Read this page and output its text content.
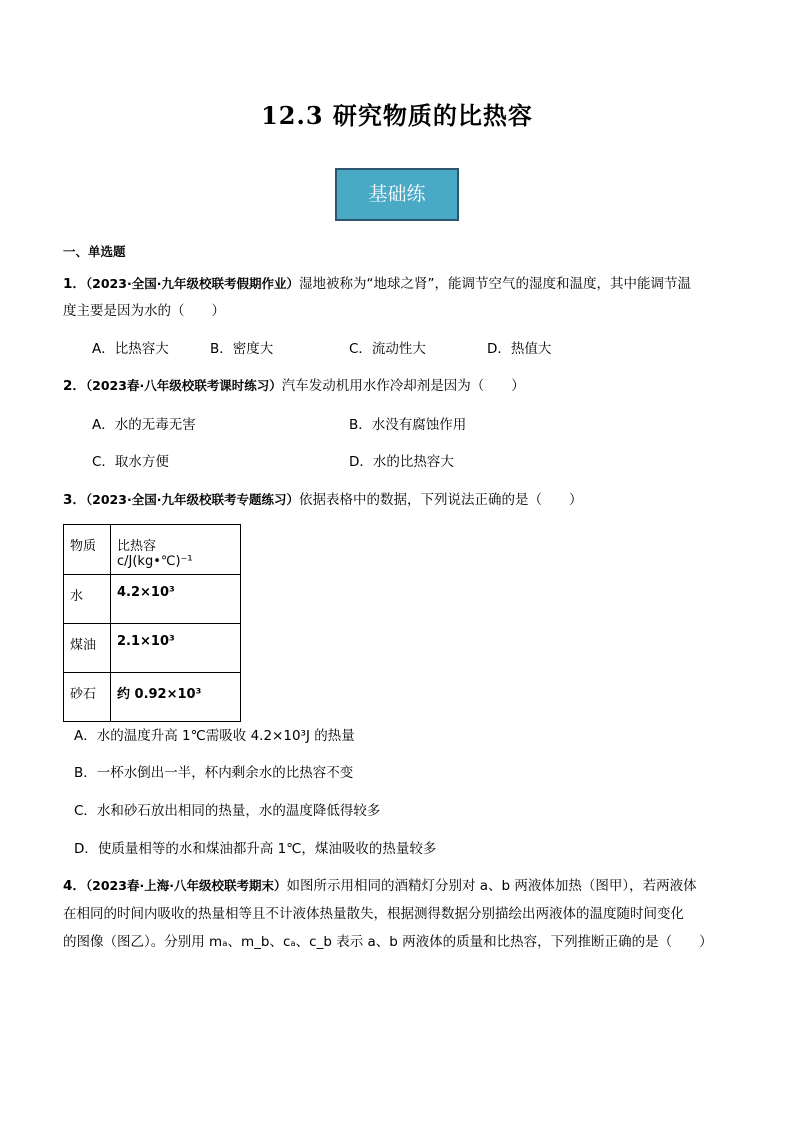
12.3 研究物质的比热容
基础练
一、单选题
1．（2023·全国·九年级校联考假期作业）湿地被称为“地球之肾”，能调节空气的湿度和温度，其中能调节温
度主要是因为水的（　　）
A．比热容大	B．密度大	C．流动性大	D．热值大
2．（2023春·八年级校联考课时练习）汽车发动机用水作冷却剂是因为（　　）
A．水的无毒无害	B．水没有腐蚀作用
C．取水方便	D．水的比热容大
3．（2023·全国·九年级校联考专题练习）依据表格中的数据，下列说法正确的是（　　）
物质	比热容 c/J(kg•℃)⁻¹
水	4.2×10³
煤油	2.1×10³
砂石	约 0.92×10³
A．水的温度升高 1℃需吸收 4.2×10³J 的热量
B．一杯水倒出一半，杯内剩余水的比热容不变
C．水和砂石放出相同的热量，水的温度降低得较多
D．使质量相等的水和煤油都升高 1℃，煤油吸收的热量较多
4．（2023春·上海·八年级校联考期末）如图所示用相同的酒精灯分别对 a、b 两液体加热（图甲），若两液体
在相同的时间内吸收的热量相等且不计液体热量散失，根据测得数据分别描绘出两液体的温度随时间变化
的图像（图乙）。分别用 mₐ、m_b、cₐ、c_b 表示 a、b 两液体的质量和比热容，下列推断正确的是（　　）
